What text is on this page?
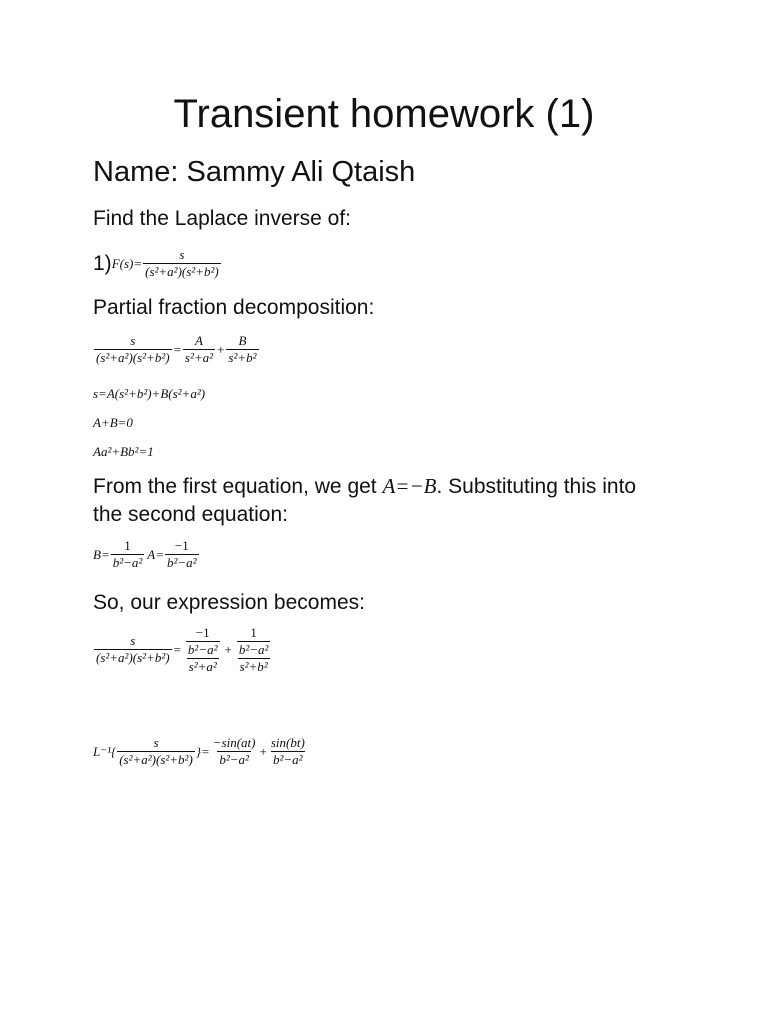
Transient homework (1)
Name: Sammy Ali Qtaish
Find the Laplace inverse of:
1) $F(s)= \frac{s}{\text{(s²+a²)(s²+b²)}}$
Partial fraction decomposition:
$\frac{s}{\text{(s²+a²)(s²+b²)}} = \frac{A}{\text{s²+a²}} + \frac{B}{\text{s²+b²}}$
s=A(s²+b²)+B(s²+a²)
A+B=0
Aa²+Bb²=1
From the first equation, we get A=−B. Substituting this into
the second equation:
$B= \frac{1}{\text{b²−a²}} A= \frac{-1}{\text{b²−a²}}$
So, our expression becomes:
$\frac{s}{\text{(s²+a²)(s²+b²)}} = \frac{\frac{-1}{\text{b²−a²}}}{\text{s²+a²}} + \frac{\frac{1}{\text{b²−a²}}}{\text{s²+b²}}$
$L^{-1}\{ \frac{s}{\text{(s²+a²)(s²+b²)}}$ }= $\frac{-\sin(at)}{\text{b²−a²}} + \frac{\sin(bt)}{\text{b²−a²}}$
